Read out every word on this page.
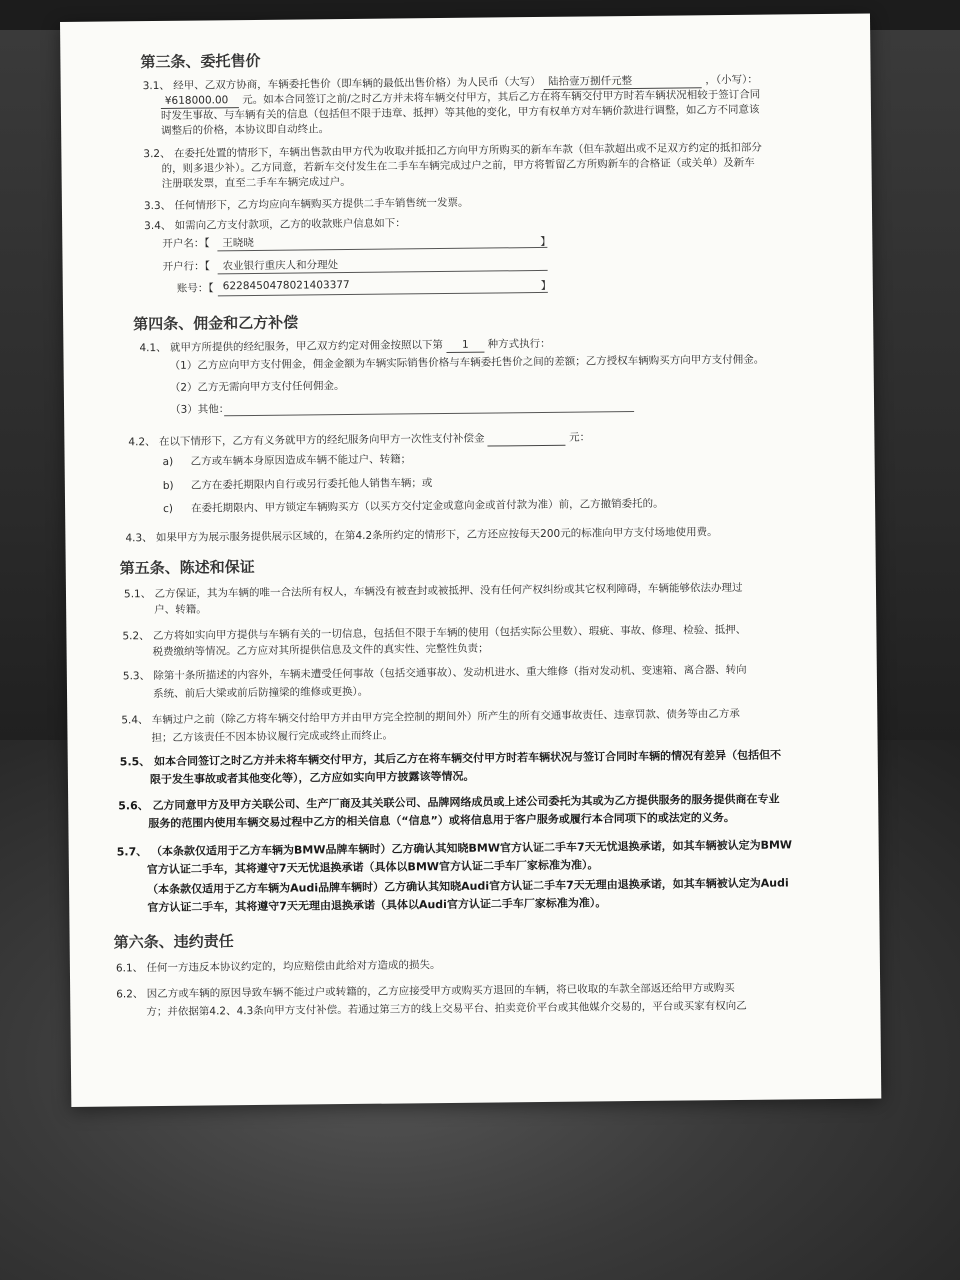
第三条、委托售价
3.1、 经甲、乙双方协商，车辆委托售价（即车辆的最低出售价格）为人民币（大写） 陆拾壹万捌仟元整	，（小写）：
¥618000.00 元。如本合同签订之前/之时乙方并未将车辆交付甲方，其后乙方在将车辆交付甲方时若车辆状况相较于签订合同
时发生事故、与车辆有关的信息（包括但不限于违章、抵押）等其他的变化，甲方有权单方对车辆价款进行调整，如乙方不同意该
调整后的价格，本协议即自动终止。
3.2、 在委托处置的情形下，车辆出售款由甲方代为收取并抵扣乙方向甲方所购买的新车车款（但车款超出或不足双方约定的抵扣部分
的，则多退少补）。乙方同意，若新车交付发生在二手车车辆完成过户之前，甲方将暂留乙方所购新车的合格证（或关单）及新车
注册联发票，直至二手车车辆完成过户。
3.3、 任何情形下，乙方均应向车辆购买方提供二手车销售统一发票。
3.4、 如需向乙方支付款项，乙方的收款账户信息如下：
开户名：【 王晓晓	】
开户行：【 农业银行重庆人和分理处
账号：【 6228450478021403377	】
第四条、佣金和乙方补偿
4.1、 就甲方所提供的经纪服务，甲乙双方约定对佣金按照以下第 1 种方式执行：
（1）乙方应向甲方支付佣金，佣金金额为车辆实际销售价格与车辆委托售价之间的差额；乙方授权车辆购买方向甲方支付佣金。
（2）乙方无需向甲方支付任何佣金。
（3）其他：
4.2、 在以下情形下，乙方有义务就甲方的经纪服务向甲方一次性支付补偿金	元：
a) 乙方或车辆本身原因造成车辆不能过户、转籍；
b) 乙方在委托期限内自行或另行委托他人销售车辆；或
c) 在委托期限内、甲方锁定车辆购买方（以买方交付定金或意向金或首付款为准）前，乙方撤销委托的。
4.3、 如果甲方为展示服务提供展示区域的，在第4.2条所约定的情形下，乙方还应按每天200元的标准向甲方支付场地使用费。
第五条、陈述和保证
5.1、 乙方保证，其为车辆的唯一合法所有权人，车辆没有被查封或被抵押、没有任何产权纠纷或其它权利障碍，车辆能够依法办理过
户、转籍。
5.2、 乙方将如实向甲方提供与车辆有关的一切信息，包括但不限于车辆的使用（包括实际公里数）、瑕疵、事故、修理、检验、抵押、
税费缴纳等情况。乙方应对其所提供信息及文件的真实性、完整性负责；
5.3、 除第十条所描述的内容外，车辆未遭受任何事故（包括交通事故）、发动机进水、重大维修（指对发动机、变速箱、离合器、转向
系统、前后大梁或前后防撞梁的维修或更换）。
5.4、 车辆过户之前（除乙方将车辆交付给甲方并由甲方完全控制的期间外）所产生的所有交通事故责任、违章罚款、债务等由乙方承
担；乙方该责任不因本协议履行完成或终止而终止。
5.5、 如本合同签订之时乙方并未将车辆交付甲方，其后乙方在将车辆交付甲方时若车辆状况与签订合同时车辆的情况有差异（包括但不
限于发生事故或者其他变化等），乙方应如实向甲方披露该等情况。
5.6、 乙方同意甲方及甲方关联公司、生产厂商及其关联公司、品牌网络成员或上述公司委托为其或为乙方提供服务的服务提供商在专业
服务的范围内使用车辆交易过程中乙方的相关信息（“信息”）或将信息用于客户服务或履行本合同项下的或法定的义务。
5.7、 （本条款仅适用于乙方车辆为BMW品牌车辆时）乙方确认其知晓BMW官方认证二手车7天无忧退换承诺，如其车辆被认定为BMW
官方认证二手车，其将遵守7天无忧退换承诺（具体以BMW官方认证二手车厂家标准为准）。
（本条款仅适用于乙方车辆为Audi品牌车辆时）乙方确认其知晓Audi官方认证二手车7天无理由退换承诺，如其车辆被认定为Audi
官方认证二手车，其将遵守7天无理由退换承诺（具体以Audi官方认证二手车厂家标准为准）。
第六条、违约责任
6.1、 任何一方违反本协议约定的，均应赔偿由此给对方造成的损失。
6.2、 因乙方或车辆的原因导致车辆不能过户或转籍的，乙方应接受甲方或购买方退回的车辆，将已收取的车款全部返还给甲方或购买
方；并依据第4.2、4.3条向甲方支付补偿。若通过第三方的线上交易平台、拍卖竞价平台或其他媒介交易的，平台或买家有权向乙
